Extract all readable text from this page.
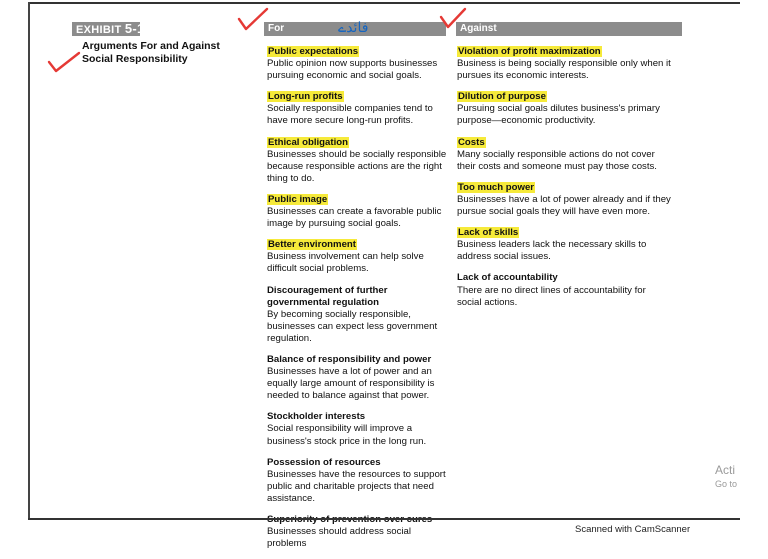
EXHIBIT 5-1	For	فائدے	Against
Arguments For and Against Social Responsibility
Public expectations
Public opinion now supports businesses pursuing economic and social goals.
Long-run profits
Socially responsible companies tend to have more secure long-run profits.
Ethical obligation
Businesses should be socially responsible because responsible actions are the right thing to do.
Public image
Businesses can create a favorable public image by pursuing social goals.
Better environment
Business involvement can help solve difficult social problems.
Discouragement of further governmental regulation
By becoming socially responsible, businesses can expect less government regulation.
Balance of responsibility and power
Businesses have a lot of power and an equally large amount of responsibility is needed to balance against that power.
Stockholder interests
Social responsibility will improve a business's stock price in the long run.
Possession of resources
Businesses have the resources to support public and charitable projects that need assistance.
Businesses should address social problems
Violation of profit maximization
Business is being socially responsible only when it pursues its economic interests.
Dilution of purpose
Pursuing social goals dilutes business's primary purpose—economic productivity.
Costs
Many socially responsible actions do not cover their costs and someone must pay those costs.
Too much power
Businesses have a lot of power already and if they pursue social goals they will have even more.
Lack of skills
Business leaders lack the necessary skills to address social issues.
Lack of accountability
There are no direct lines of accountability for social actions.
Acti
Go to
Scanned with CamScanner
